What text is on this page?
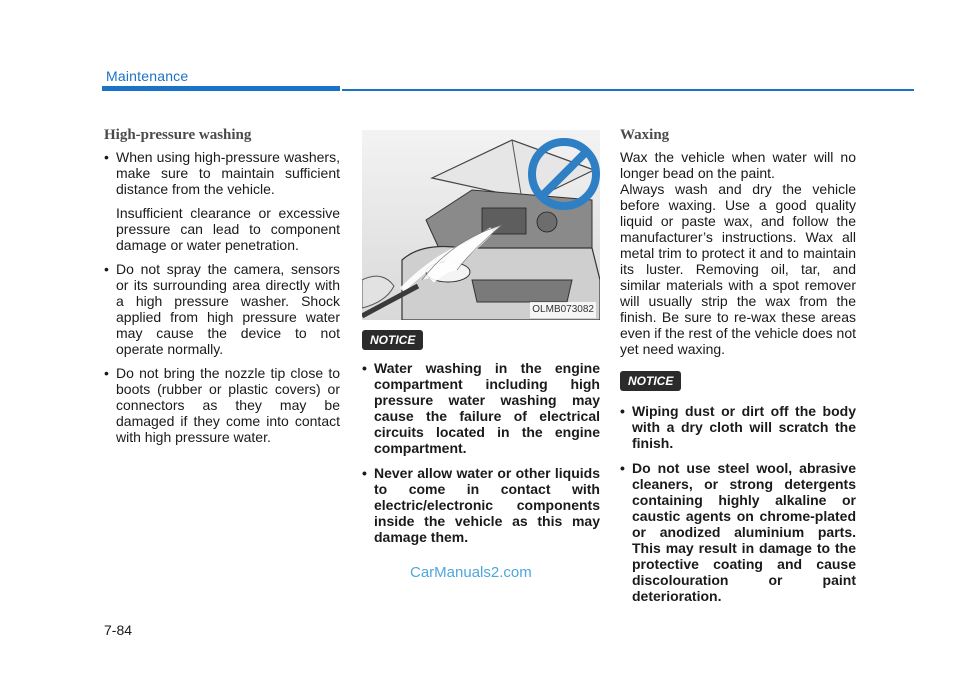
Maintenance
High-pressure washing
• When using high-pressure washers, make sure to maintain sufficient distance from the vehicle.
Insufficient clearance or excessive pressure can lead to component damage or water penetration.
• Do not spray the camera, sensors or its surrounding area directly with a high pressure washer. Shock applied from high pressure water may cause the device to not operate normally.
• Do not bring the nozzle tip close to boots (rubber or plastic covers) or connectors as they may be damaged if they come into contact with high pressure water.
OLMB073082
NOTICE
• Water washing in the engine compartment including high pressure water washing may cause the failure of electrical circuits located in the engine compartment.
• Never allow water or other liquids to come in contact with electric/electronic components inside the vehicle as this may damage them.
Waxing

Wax the vehicle when water will no longer bead on the paint.

Always wash and dry the vehicle before waxing. Use a good quality liquid or paste wax, and follow the manufacturer’s instructions. Wax all metal trim to protect it and to maintain its luster. Removing oil, tar, and similar materials with a spot remover will usually strip the wax from the finish. Be sure to re-wax these areas even if the rest of the vehicle does not yet need waxing.

NOTICE
• Wiping dust or dirt off the body with a dry cloth will scratch the finish.
• Do not use steel wool, abrasive cleaners, or strong detergents containing highly alkaline or caustic agents on chrome-plated or anodized aluminium parts. This may result in damage to the protective coating and cause discolouration or paint deterioration.
CarManuals2.com
7-84
